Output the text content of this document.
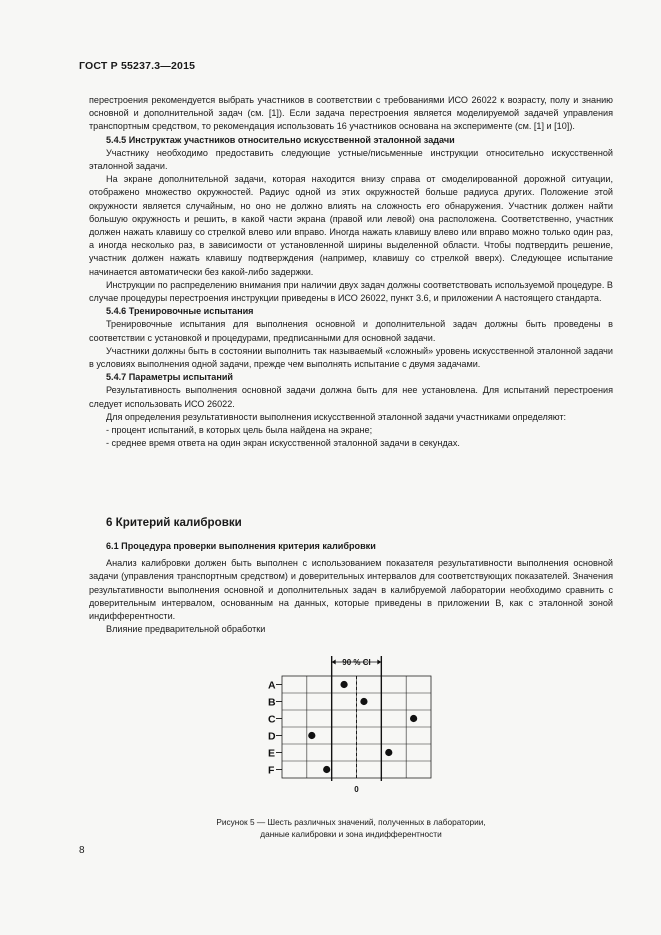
ГОСТ Р 55237.3—2015

перестроения рекомендуется выбрать участников в соответствии с требованиями ИСО 26022 к возрасту, полу и знанию основной и дополнительной задач (см. [1]). Если задача перестроения является моделируемой задачей управления транспортным средством, то рекомендация использовать 16 участников основана на эксперименте (см. [1] и [10]).

5.4.5 Инструктаж участников относительно искусственной эталонной задачи

Участнику необходимо предоставить следующие устные/письменные инструкции относительно искусственной эталонной задачи.

На экране дополнительной задачи, которая находится внизу справа от смоделированной дорожной ситуации, отображено множество окружностей. Радиус одной из этих окружностей больше радиуса других. Положение этой окружности является случайным, но оно не должно влиять на сложность его обнаружения. Участник должен найти большую окружность и решить, в какой части экрана (правой или левой) она расположена. Соответственно, участник должен нажать клавишу со стрелкой влево или вправо. Иногда нажать клавишу влево или вправо можно только один раз, а иногда несколько раз, в зависимости от установленной ширины выделенной области. Чтобы подтвердить решение, участник должен нажать клавишу подтверждения (например, клавишу со стрелкой вверх). Следующее испытание начинается автоматически без какой-либо задержки.

Инструкции по распределению внимания при наличии двух задач должны соответствовать используемой процедуре. В случае процедуры перестроения инструкции приведены в ИСО 26022, пункт 3.6, и приложении А настоящего стандарта.

5.4.6 Тренировочные испытания

Тренировочные испытания для выполнения основной и дополнительной задач должны быть проведены в соответствии с установкой и процедурами, предписанными для основной задачи.

Участники должны быть в состоянии выполнить так называемый «сложный» уровень искусственной эталонной задачи в условиях выполнения одной задачи, прежде чем выполнять испытание с двумя задачами.

5.4.7 Параметры испытаний

Результативность выполнения основной задачи должна быть для нее установлена. Для испытаний перестроения следует использовать ИСО 26022.

Для определения результативности выполнения искусственной эталонной задачи участниками определяют:

- процент испытаний, в которых цель была найдена на экране;

- среднее время ответа на один экран искусственной эталонной задачи в секундах.

6 Критерий калибровки

6.1 Процедура проверки выполнения критерия калибровки

Анализ калибровки должен быть выполнен с использованием показателя результативности выполнения основной задачи (управления транспортным средством) и доверительных интервалов для соответствующих показателей. Значения результативности выполнения основной и дополнительных задач в калибруемой лаборатории необходимо сравнить с доверительным интервалом, основанным на данных, которые приведены в приложении В, как с эталонной зоной индифферентности.

Влияние предварительной обработки

90 % CI
0
A
B
C
D
E
F
Рисунок 5 — Шесть различных значений, полученных в лаборатории,
данные калибровки и зона индифферентности
8
